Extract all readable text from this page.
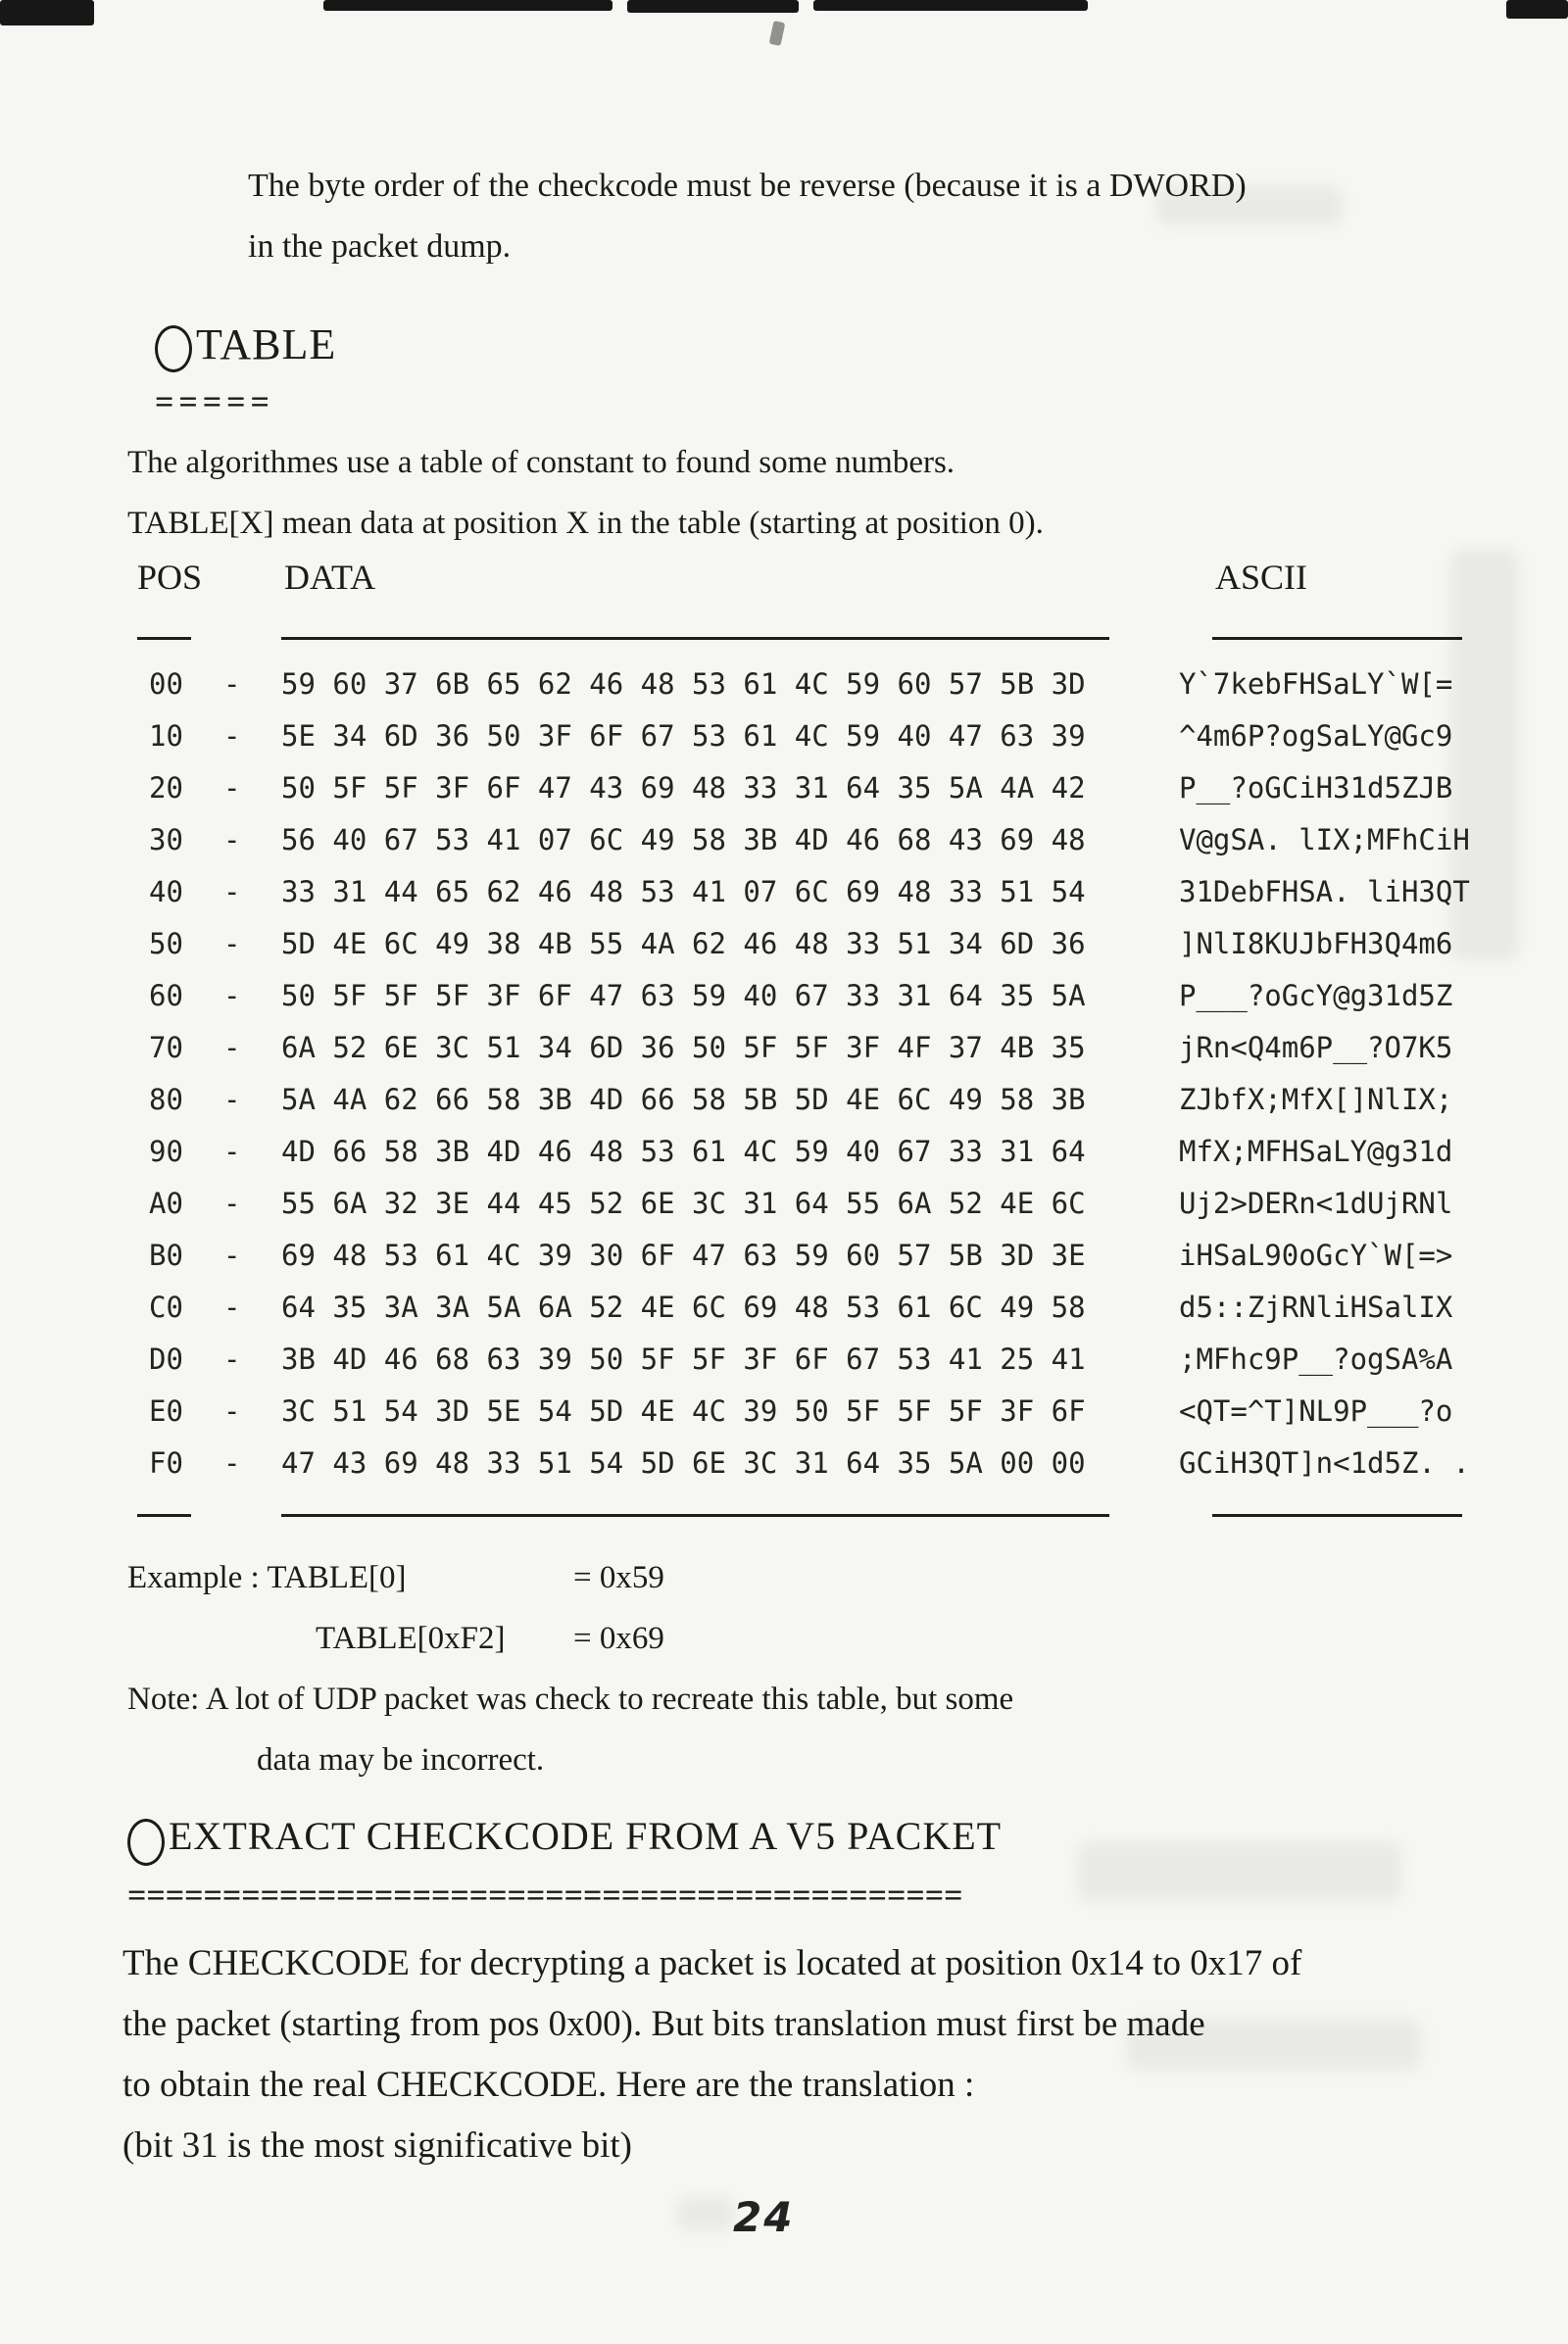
The byte order of the checkcode must be reverse (because it is a DWORD)
in the packet dump.
TABLE
=====
The algorithmes use a table of constant to found some numbers.
TABLE[X] mean data at position X in the table (starting at position 0).
POS DATA	ASCII
00 - 59 60 37 6B 65 62 46 48 53 61 4C 59 60 57 5B 3D	Y`7kebFHSaLY`W[=
10 - 5E 34 6D 36 50 3F 6F 67 53 61 4C 59 40 47 63 39	^4m6P?ogSaLY@Gc9
20 - 50 5F 5F 3F 6F 47 43 69 48 33 31 64 35 5A 4A 42	P__?oGCiH31d5ZJB
30 - 56 40 67 53 41 07 6C 49 58 3B 4D 46 68 43 69 48	V@gSA. lIX;MFhCiH
40 - 33 31 44 65 62 46 48 53 41 07 6C 69 48 33 51 54	31DebFHSA. liH3QT
50 - 5D 4E 6C 49 38 4B 55 4A 62 46 48 33 51 34 6D 36	]NlI8KUJbFH3Q4m6
60 - 50 5F 5F 5F 3F 6F 47 63 59 40 67 33 31 64 35 5A	P___?oGcY@g31d5Z
70 - 6A 52 6E 3C 51 34 6D 36 50 5F 5F 3F 4F 37 4B 35	jRn<Q4m6P__?O7K5
80 - 5A 4A 62 66 58 3B 4D 66 58 5B 5D 4E 6C 49 58 3B	ZJbfX;MfX[]NlIX;
90 - 4D 66 58 3B 4D 46 48 53 61 4C 59 40 67 33 31 64	MfX;MFHSaLY@g31d
A0 - 55 6A 32 3E 44 45 52 6E 3C 31 64 55 6A 52 4E 6C	Uj2>DERn<1dUjRNl
B0 - 69 48 53 61 4C 39 30 6F 47 63 59 60 57 5B 3D 3E	iHSaL90oGcY`W[=>
C0 - 64 35 3A 3A 5A 6A 52 4E 6C 69 48 53 61 6C 49 58	d5::ZjRNliHSalIX
D0 - 3B 4D 46 68 63 39 50 5F 5F 3F 6F 67 53 41 25 41	;MFhc9P__?ogSA%A
E0 - 3C 51 54 3D 5E 54 5D 4E 4C 39 50 5F 5F 5F 3F 6F	<QT=^T]NL9P___?o
F0 - 47 43 69 48 33 51 54 5D 6E 3C 31 64 35 5A 00 00	GCiH3QT]n<1d5Z. .
Example : TABLE[0]	= 0x59
TABLE[0xF2] = 0x69
Note: A lot of UDP packet was check to recreate this table, but some
data may be incorrect.
EXTRACT CHECKCODE FROM A V5 PACKET
============================================
The CHECKCODE for decrypting a packet is located at position 0x14 to 0x17 of
the packet (starting from pos 0x00). But bits translation must first be made
to obtain the real CHECKCODE. Here are the translation :
(bit 31 is the most significative bit)
24
